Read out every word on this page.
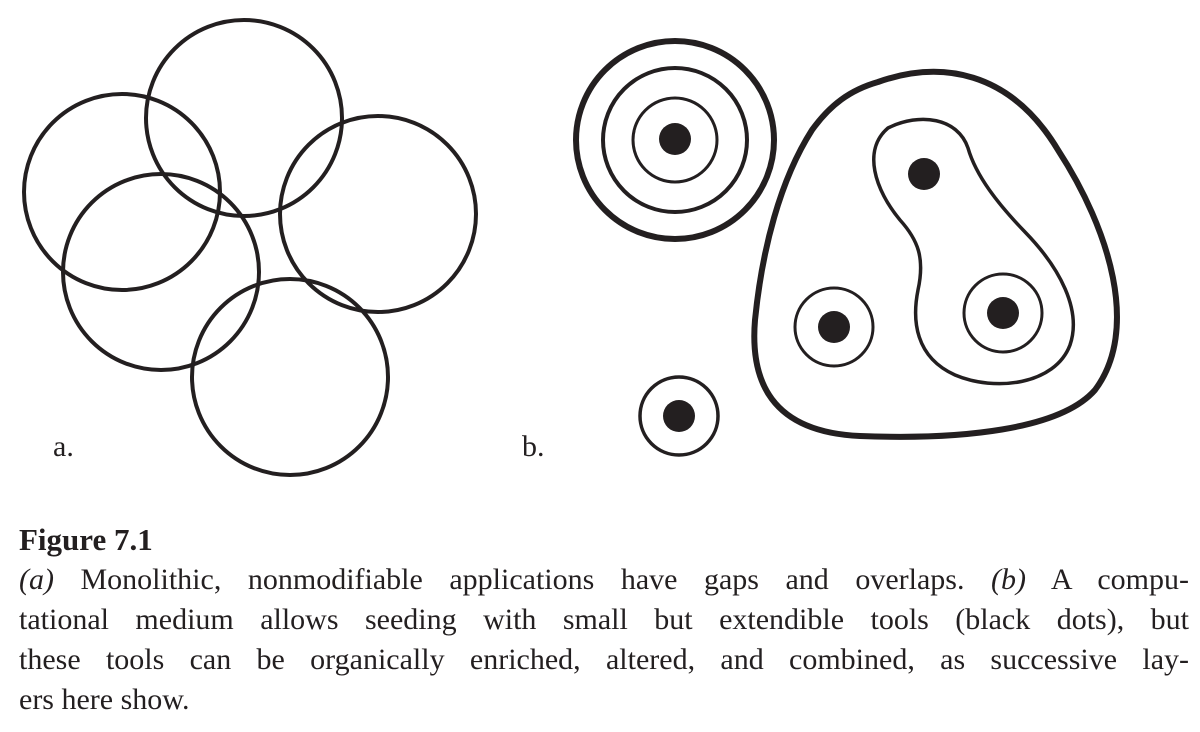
a.	b.

Figure 7.1

(a) Monolithic, nonmodifiable applications have gaps and overlaps. (b) A compu-
tational medium allows seeding with small but extendible tools (black dots), but
these tools can be organically enriched, altered, and combined, as successive lay-
ers here show.
